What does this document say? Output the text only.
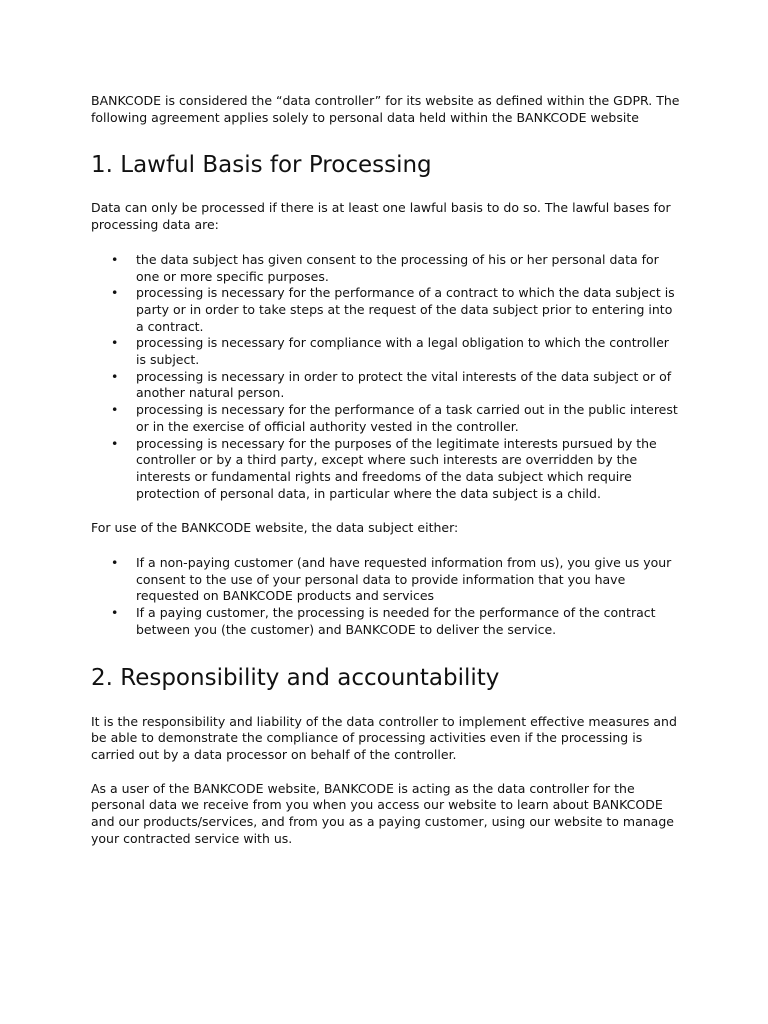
BANKCODE is considered the “data controller” for its website as defined within the GDPR. The following agreement applies solely to personal data held within the BANKCODE website

1. Lawful Basis for Processing

Data can only be processed if there is at least one lawful basis to do so. The lawful bases for processing data are:

• the data subject has given consent to the processing of his or her personal data for one or more specific purposes.
• processing is necessary for the performance of a contract to which the data subject is party or in order to take steps at the request of the data subject prior to entering into a contract.
• processing is necessary for compliance with a legal obligation to which the controller is subject.
• processing is necessary in order to protect the vital interests of the data subject or of another natural person.
• processing is necessary for the performance of a task carried out in the public interest or in the exercise of official authority vested in the controller.
• processing is necessary for the purposes of the legitimate interests pursued by the controller or by a third party, except where such interests are overridden by the interests or fundamental rights and freedoms of the data subject which require protection of personal data, in particular where the data subject is a child.

For use of the BANKCODE website, the data subject either:

• If a non-paying customer (and have requested information from us), you give us your consent to the use of your personal data to provide information that you have requested on BANKCODE products and services
• If a paying customer, the processing is needed for the performance of the contract between you (the customer) and BANKCODE to deliver the service.
2. Responsibility and accountability

It is the responsibility and liability of the data controller to implement effective measures and be able to demonstrate the compliance of processing activities even if the processing is carried out by a data processor on behalf of the controller.

As a user of the BANKCODE website, BANKCODE is acting as the data controller for the personal data we receive from you when you access our website to learn about BANKCODE and our products/services, and from you as a paying customer, using our website to manage your contracted service with us.
